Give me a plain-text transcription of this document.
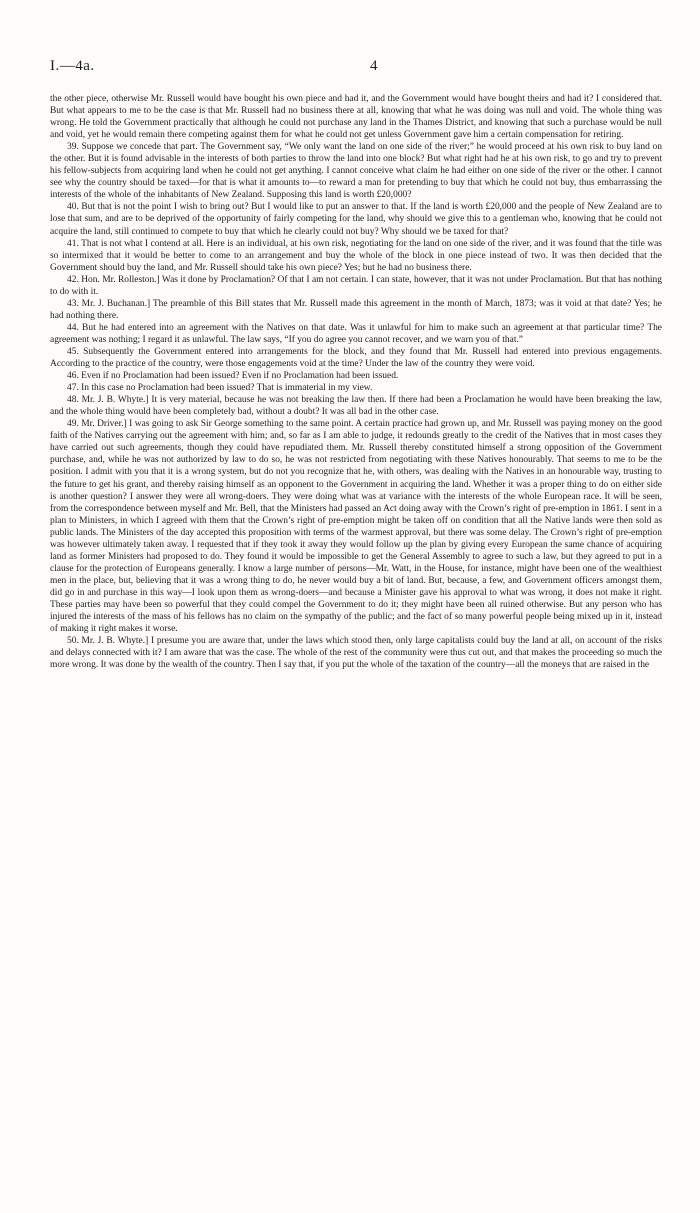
I.—4a.	4

the other piece, otherwise Mr. Russell would have bought his own piece and had it, and the Government would have bought theirs and had it? I considered that. But what appears to me to be the case is that Mr. Russell had no business there at all, knowing that what he was doing was null and void. The whole thing was wrong. He told the Government practically that although he could not purchase any land in the Thames District, and knowing that such a purchase would be null and void, yet he would remain there competing against them for what he could not get unless Government gave him a certain compensation for retiring.

39. Suppose we concede that part. The Government say, “We only want the land on one side of the river;” he would proceed at his own risk to buy land on the other. But it is found advisable in the interests of both parties to throw the land into one block? But what right had he at his own risk, to go and try to prevent his fellow-subjects from acquiring land when he could not get anything. I cannot conceive what claim he had either on one side of the river or the other. I cannot see why the country should be taxed—for that is what it amounts to—to reward a man for pretending to buy that which he could not buy, thus embarrassing the interests of the whole of the inhabitants of New Zealand. Supposing this land is worth £20,000?

40. But that is not the point I wish to bring out? But I would like to put an answer to that. If the land is worth £20,000 and the people of New Zealand are to lose that sum, and are to be deprived of the opportunity of fairly competing for the land, why should we give this to a gentleman who, knowing that he could not acquire the land, still continued to compete to buy that which he clearly could not buy? Why should we be taxed for that?

41. That is not what I contend at all. Here is an individual, at his own risk, negotiating for the land on one side of the river, and it was found that the title was so intermixed that it would be better to come to an arrangement and buy the whole of the block in one piece instead of two. It was then decided that the Government should buy the land, and Mr. Russell should take his own piece? Yes; but he had no business there.

42. Hon. Mr. Rolleston.] Was it done by Proclamation? Of that I am not certain. I can state, however, that it was not under Proclamation. But that has nothing to do with it.

43. Mr. J. Buchanan.] The preamble of this Bill states that Mr. Russell made this agreement in the month of March, 1873; was it void at that date? Yes; he had nothing there.

44. But he had entered into an agreement with the Natives on that date. Was it unlawful for him to make such an agreement at that particular time? The agreement was nothing; I regard it as unlawful. The law says, “If you do agree you cannot recover, and we warn you of that.”

45. Subsequently the Government entered into arrangements for the block, and they found that Mr. Russell had entered into previous engagements. According to the practice of the country, were those engagements void at the time? Under the law of the country they were void.

46. Even if no Proclamation had been issued? Even if no Proclamation had been issued.

47. In this case no Proclamation had been issued? That is immaterial in my view.

48. Mr. J. B. Whyte.] It is very material, because he was not breaking the law then. If there had been a Proclamation he would have been breaking the law, and the whole thing would have been completely bad, without a doubt? It was all bad in the other case.

49. Mr. Driver.] I was going to ask Sir George something to the same point. A certain practice had grown up, and Mr. Russell was paying money on the good faith of the Natives carrying out the agreement with him; and, so far as I am able to judge, it redounds greatly to the credit of the Natives that in most cases they have carried out such agreements, though they could have repudiated them. Mr. Russell thereby constituted himself a strong opposition of the Government purchase, and, while he was not authorized by law to do so, he was not restricted from negotiating with these Natives honourably. That seems to me to be the position. I admit with you that it is a wrong system, but do not you recognize that he, with others, was dealing with the Natives in an honourable way, trusting to the future to get his grant, and thereby raising himself as an opponent to the Government in acquiring the land. Whether it was a proper thing to do on either side is another question? I answer they were all wrong-doers. They were doing what was at variance with the interests of the whole European race. It will be seen, from the correspondence between myself and Mr. Bell, that the Ministers had passed an Act doing away with the Crown’s right of pre-emption in 1861. I sent in a plan to Ministers, in which I agreed with them that the Crown’s right of pre-emption might be taken off on condition that all the Native lands were then sold as public lands. The Ministers of the day accepted this proposition with terms of the warmest approval, but there was some delay. The Crown’s right of pre-emption was however ultimately taken away. I requested that if they took it away they would follow up the plan by giving every European the same chance of acquiring land as former Ministers had proposed to do. They found it would be impossible to get the General Assembly to agree to such a law, but they agreed to put in a clause for the protection of Europeans generally. I know a large number of persons—Mr. Watt, in the House, for instance, might have been one of the wealthiest men in the place, but, believing that it was a wrong thing to do, he never would buy a bit of land. But, because, a few, and Government officers amongst them, did go in and purchase in this way—I look upon them as wrong-doers—and because a Minister gave his approval to what was wrong, it does not make it right. These parties may have been so powerful that they could compel the Government to do it; they might have been all ruined otherwise. But any person who has injured the interests of the mass of his fellows has no claim on the sympathy of the public; and the fact of so many powerful people being mixed up in it, instead of making it right makes it worse.

50. Mr. J. B. Whyte.] I presume you are aware that, under the laws which stood then, only large capitalists could buy the land at all, on account of the risks and delays connected with it? I am aware that was the case. The whole of the rest of the community were thus cut out, and that makes the proceeding so much the more wrong. It was done by the wealth of the country. Then I say that, if you put the whole of the taxation of the country—all the moneys that are raised in the
